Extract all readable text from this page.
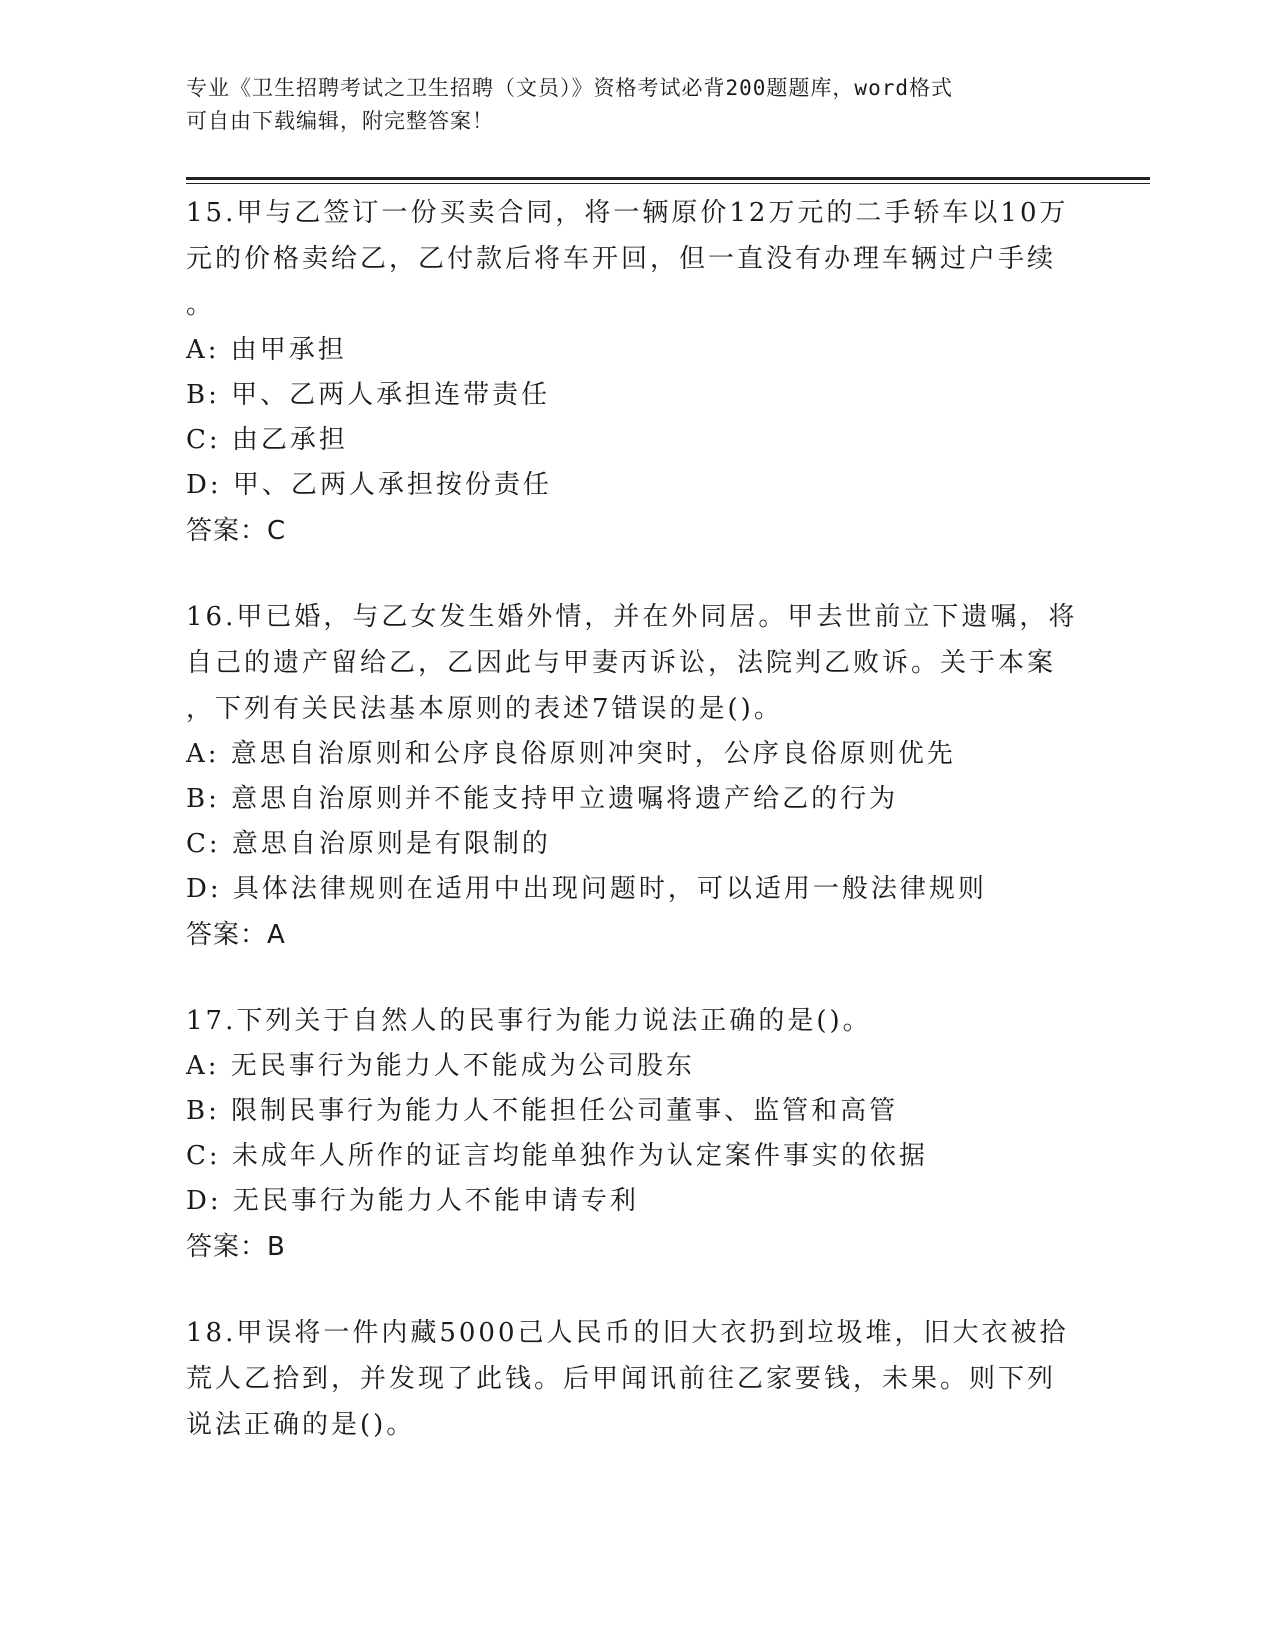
专业《卫生招聘考试之卫生招聘（文员）》资格考试必背200题题库，word格式
可自由下载编辑，附完整答案！
15.甲与乙签订一份买卖合同，将一辆原价12万元的二手轿车以10万
元的价格卖给乙，乙付款后将车开回，但一直没有办理车辆过户手续
。
A: 由甲承担
B: 甲、乙两人承担连带责任
C: 由乙承担
D: 甲、乙两人承担按份责任
答案：C
16.甲已婚，与乙女发生婚外情，并在外同居。甲去世前立下遗嘱，将
自己的遗产留给乙，乙因此与甲妻丙诉讼，法院判乙败诉。关于本案
，下列有关民法基本原则的表述7错误的是()。
A: 意思自治原则和公序良俗原则冲突时，公序良俗原则优先
B: 意思自治原则并不能支持甲立遗嘱将遗产给乙的行为
C: 意思自治原则是有限制的
D: 具体法律规则在适用中出现问题时，可以适用一般法律规则
答案：A
17.下列关于自然人的民事行为能力说法正确的是()。
A: 无民事行为能力人不能成为公司股东
B: 限制民事行为能力人不能担任公司董事、监管和高管
C: 未成年人所作的证言均能单独作为认定案件事实的依据
D: 无民事行为能力人不能申请专利
答案：B
18.甲误将一件内藏5000己人民币的旧大衣扔到垃圾堆，旧大衣被拾
荒人乙拾到，并发现了此钱。后甲闻讯前往乙家要钱，未果。则下列
说法正确的是()。
